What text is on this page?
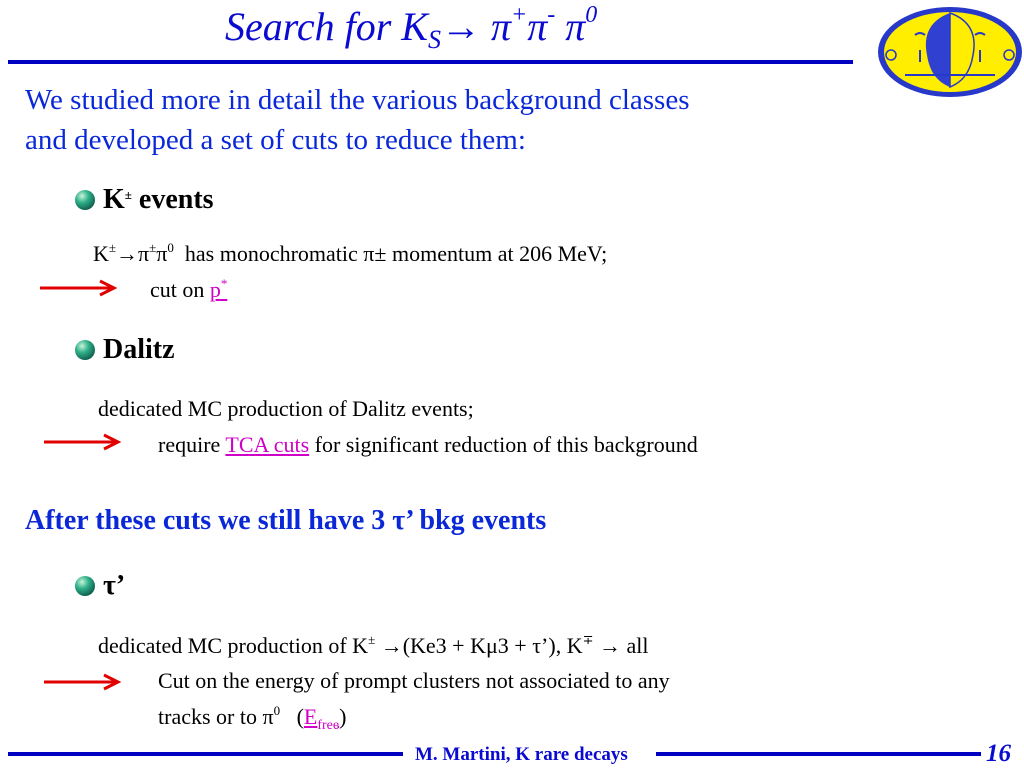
Search for $K_S\to \pi^+\pi^-$ $\pi^0$
We studied more in detail the various background classes
and developed a set of cuts to reduce them:
K± events
$K^\pm\to\pi^\pm\pi^0$ has monochromatic π± momentum at 206 MeV;
cut on p*
Dalitz
dedicated MC production of Dalitz events;
require TCA cuts for significant reduction of this background
After these cuts we still have 3 τ’ bkg events
τ’
dedicated MC production of K± →(Ke3 + Kμ3 + τ’), K∓ → all
Cut on the energy of prompt clusters not associated to any
tracks or to $\pi^0$ $(E_{free})$
M. Martini, K rare decays	16
